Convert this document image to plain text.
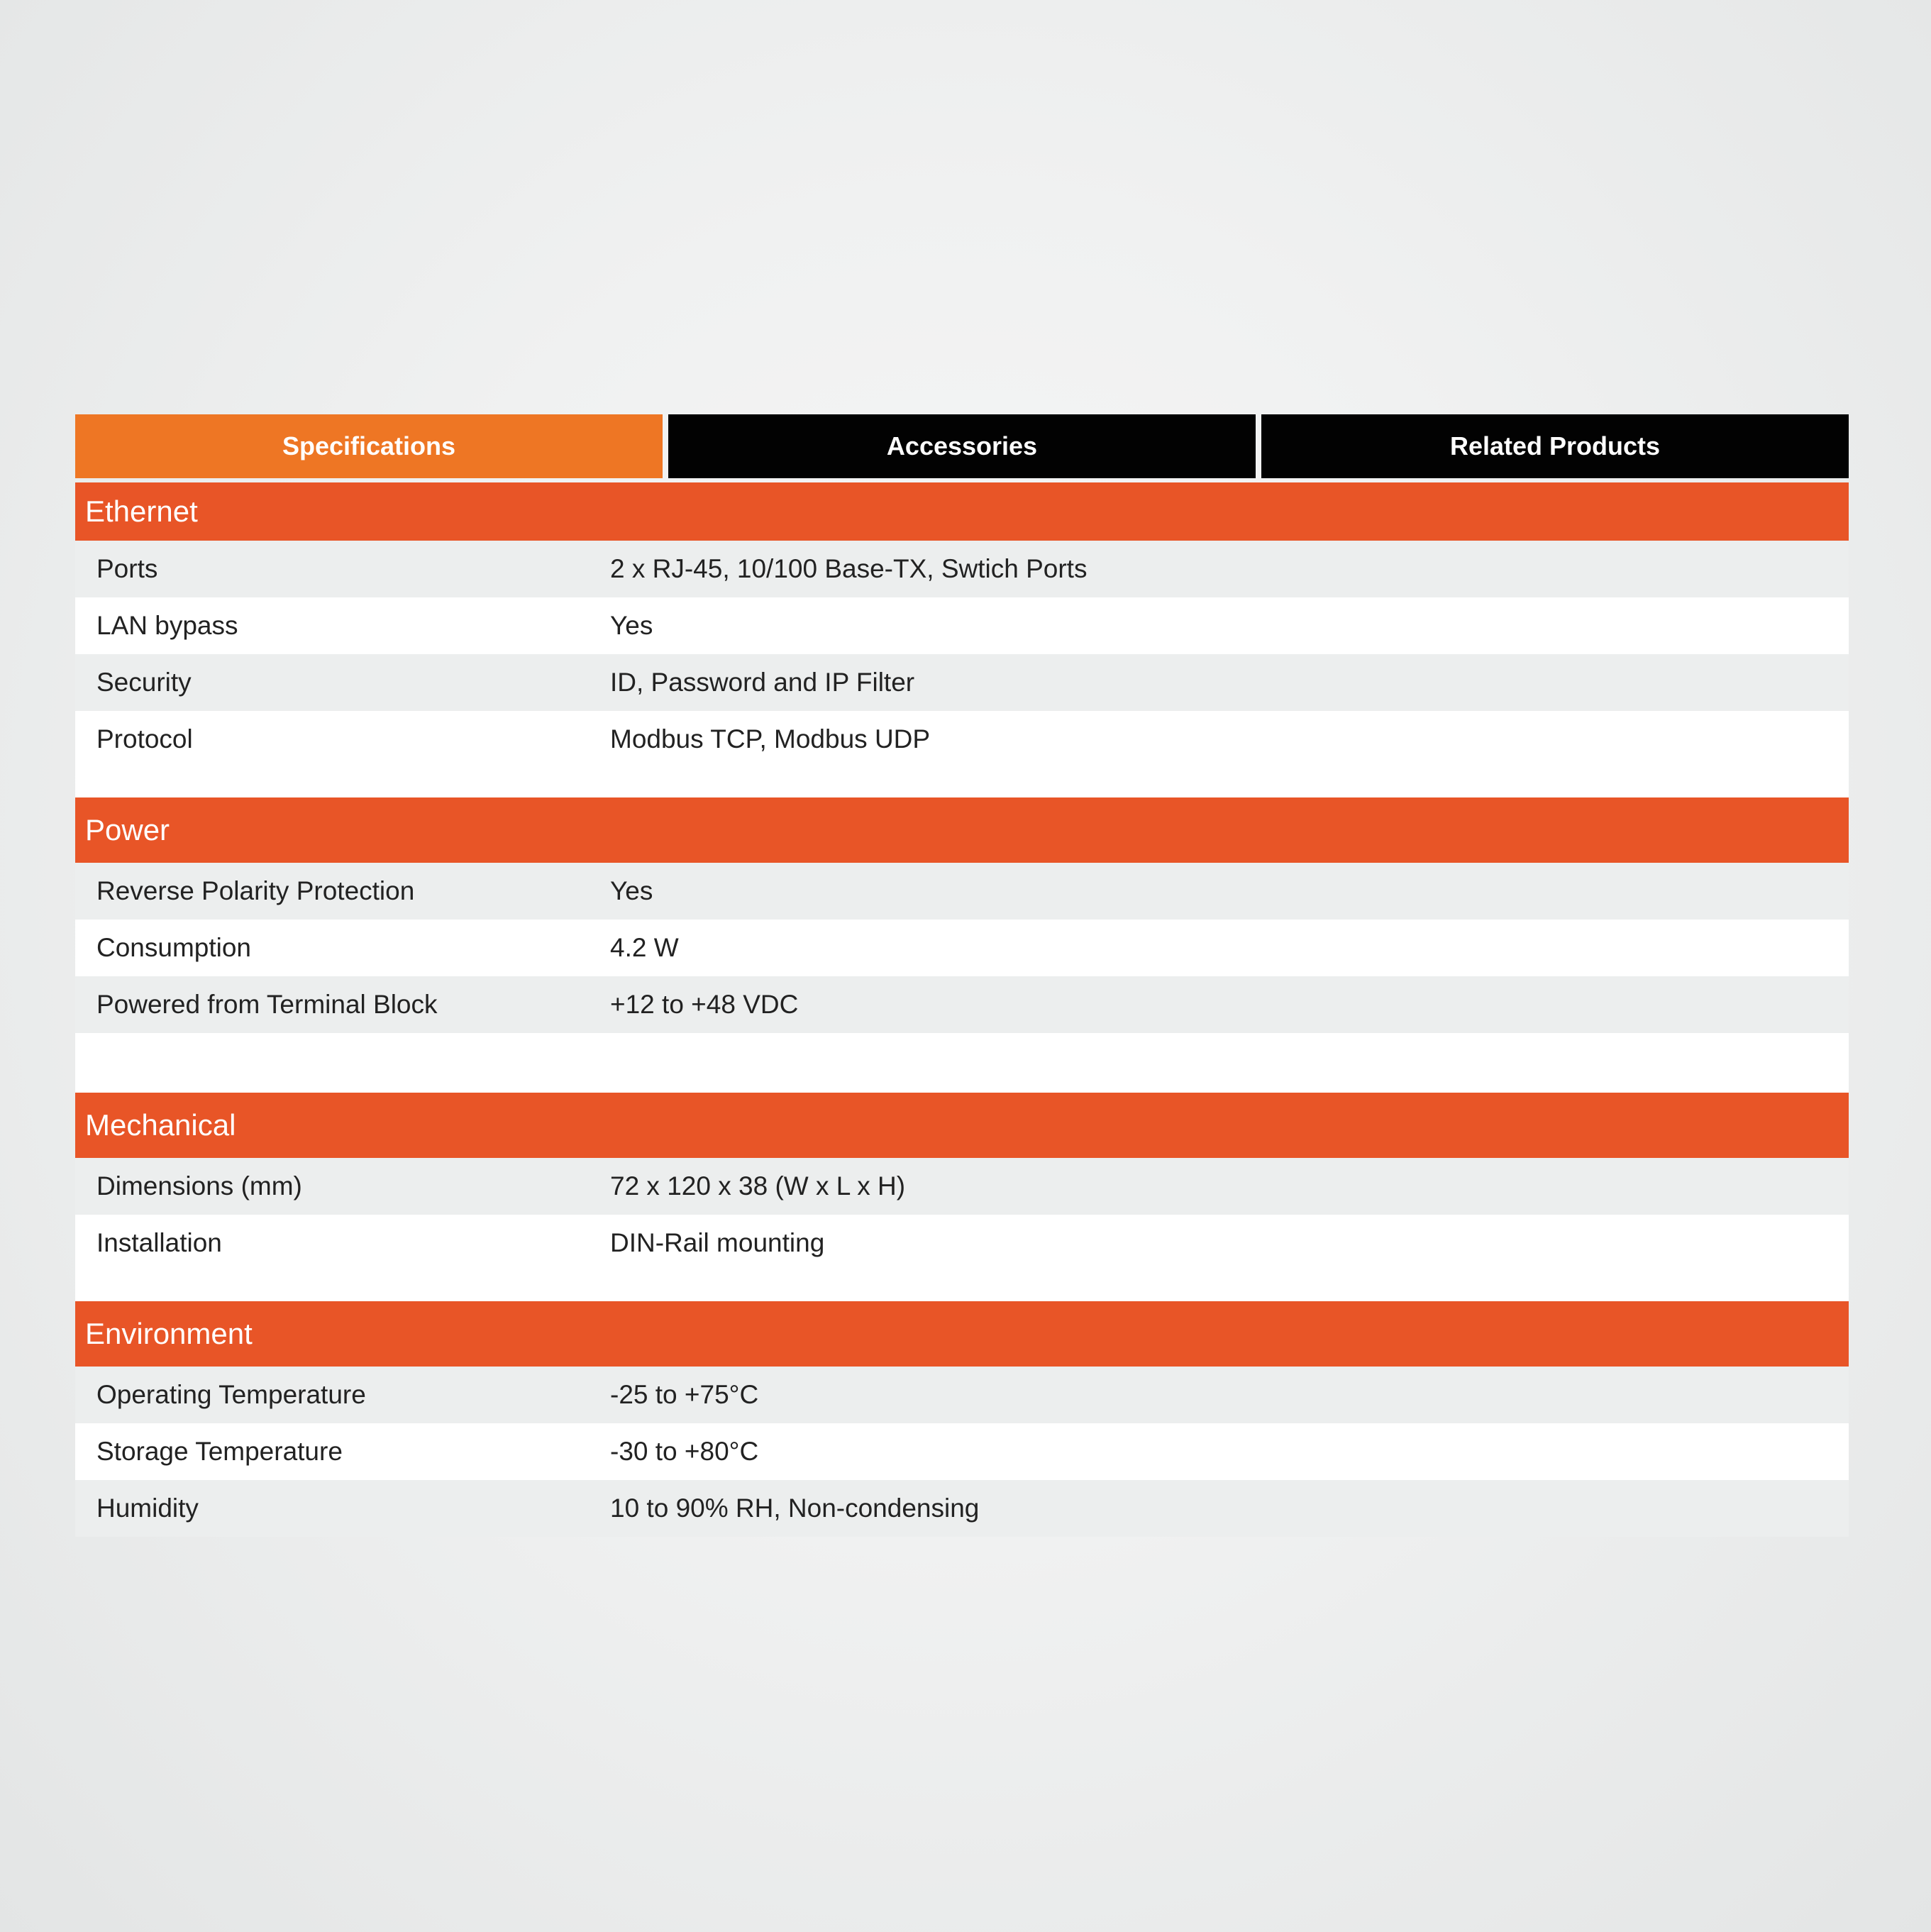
Specifications	Accessories	Related Products
Ethernet
Ports	2 x RJ-45, 10/100 Base-TX, Swtich Ports
LAN bypass	Yes
Security	ID, Password and IP Filter
Protocol	Modbus TCP, Modbus UDP
Power
Reverse Polarity Protection	Yes
Consumption	4.2 W
Powered from Terminal Block	+12 to +48 VDC
Mechanical
Dimensions (mm)	72 x 120 x 38 (W x L x H)
Installation	DIN-Rail mounting
Environment
Operating Temperature	-25 to +75°C
Storage Temperature	-30 to +80°C
Humidity	10 to 90% RH, Non-condensing
